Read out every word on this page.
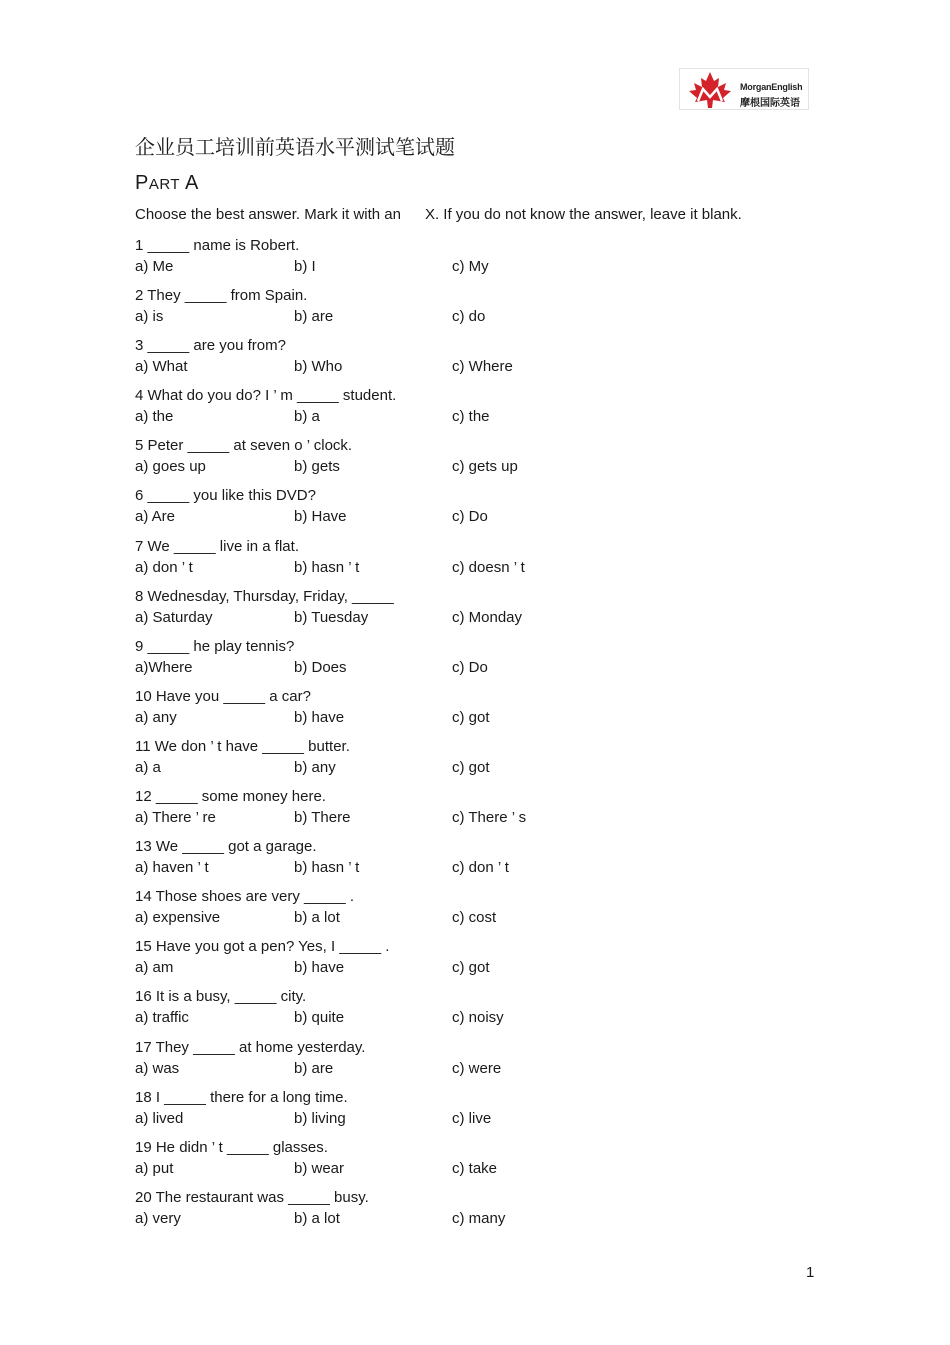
MorganEnglish
摩根国际英语
企业员工培训前英语水平测试笔试题
PART A
Choose the best answer. Mark it with an X. If you do not know the answer, leave it blank.
1 _____ name is Robert.
a) Me	b) I	c) My
2 They _____ from Spain.
a) is	b) are	c) do
3 _____ are you from?
a) What	b) Who	c) Where
4 What do you do? I ’ m _____ student.
a) the	b) a	c) the
5 Peter _____ at seven o ’ clock.
a) goes up	b) gets	c) gets up
6 _____ you like this DVD?
a) Are	b) Have	c) Do
7 We _____ live in a flat.
a) don ’ t	b) hasn ’ t	c) doesn ’ t
8 Wednesday, Thursday, Friday, _____
a) Saturday	b) Tuesday	c) Monday
9 _____ he play tennis?
a)Where	b) Does	c) Do
10 Have you _____ a car?
a) any	b) have	c) got
11 We don ’ t have _____ butter.
a) a	b) any	c) got
12 _____ some money here.
a) There ’ re	b) There	c) There ’ s
13 We _____ got a garage.
a) haven ’ t	b) hasn ’ t	c) don ’ t
14 Those shoes are very _____ .
a) expensive	b) a lot	c) cost
15 Have you got a pen? Yes, I _____ .
a) am	b) have	c) got
16 It is a busy, _____ city.
a) traffic	b) quite	c) noisy
17 They _____ at home yesterday.
a) was	b) are	c) were
18 I _____ there for a long time.
a) lived	b) living	c) live
19 He didn ’ t _____ glasses.
a) put	b) wear	c) take
20 The restaurant was _____ busy.
a) very	b) a lot	c) many
1
